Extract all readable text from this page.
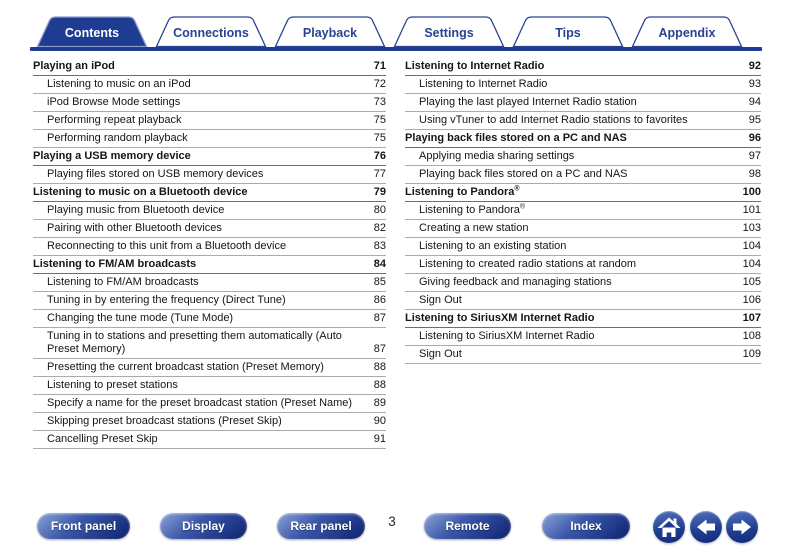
Contents	Connections	Playback	Settings	Tips	Appendix
Playing an iPod	71
Listening to music on an iPod	72
iPod Browse Mode settings	73
Performing repeat playback	75
Performing random playback	75
Playing a USB memory device	76
Playing files stored on USB memory devices	77
Listening to music on a Bluetooth device	79
Playing music from Bluetooth device	80
Pairing with other Bluetooth devices	82
Reconnecting to this unit from a Bluetooth device	83
Listening to FM/AM broadcasts	84
Listening to FM/AM broadcasts	85
Tuning in by entering the frequency (Direct Tune)	86
Changing the tune mode (Tune Mode)	87
Tuning in to stations and presetting them automatically (Auto Preset Memory)	87
Presetting the current broadcast station (Preset Memory)	88
Listening to preset stations	88
Specify a name for the preset broadcast station (Preset Name)	89
Skipping preset broadcast stations (Preset Skip)	90
Cancelling Preset Skip	91
Listening to Internet Radio	92
Listening to Internet Radio	93
Playing the last played Internet Radio station	94
Using vTuner to add Internet Radio stations to favorites	95
Playing back files stored on a PC and NAS	96
Applying media sharing settings	97
Playing back files stored on a PC and NAS	98
Listening to Pandora®	100
Listening to Pandora®	101
Creating a new station	103
Listening to an existing station	104
Listening to created radio stations at random	104
Giving feedback and managing stations	105
Sign Out	106
Listening to SiriusXM Internet Radio	107
Listening to SiriusXM Internet Radio	108
Sign Out	109
Front panel	Display	Rear panel	Remote	Index
3
